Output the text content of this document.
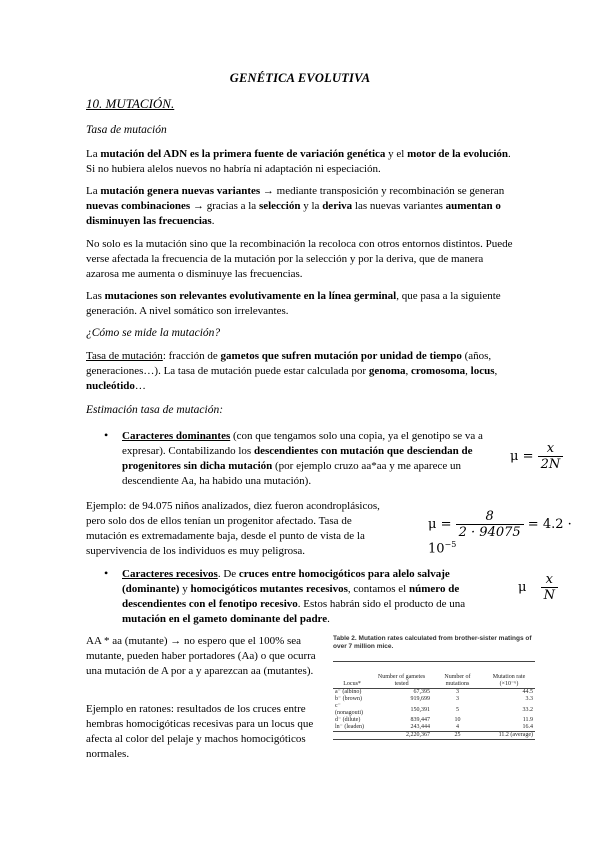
GENÉTICA EVOLUTIVA
10. MUTACIÓN.
Tasa de mutación
La mutación del ADN es la primera fuente de variación genética y el motor de la evolución. Si no hubiera alelos nuevos no habría ni adaptación ni especiación.
La mutación genera nuevas variantes → mediante transposición y recombinación se generan nuevas combinaciones → gracias a la selección y la deriva las nuevas variantes aumentan o disminuyen las frecuencias.
No solo es la mutación sino que la recombinación la recoloca con otros entornos distintos. Puede verse afectada la frecuencia de la mutación por la selección y por la deriva, que de manera azarosa me aumenta o disminuye las frecuencias.
Las mutaciones son relevantes evolutivamente en la línea germinal, que pasa a la siguiente generación. A nivel somático son irrelevantes.
¿Cómo se mide la mutación?
Tasa de mutación: fracción de gametos que sufren mutación por unidad de tiempo (años, generaciones…). La tasa de mutación puede estar calculada por genoma, cromosoma, locus, nucleótido…
Estimación tasa de mutación:
• Caracteres dominantes (con que tengamos solo una copia, ya el genotipo se va a expresar). Contabilizando los descendientes con mutación que desciendan de progenitores sin dicha mutación (por ejemplo cruzo aa*aa y me aparece un descendiente Aa, ha habido una mutación).
$\mu = \frac{x}{2N}$
Ejemplo: de 94.075 niños analizados, diez fueron acondroplásicos, pero solo dos de ellos tenían un progenitor afectado. Tasa de mutación es extremadamente baja, desde el punto de vista de la supervivencia de los individuos es muy peligrosa.
$\mu = \frac{8}{2 \cdot 94075} = 4.2 \cdot 10^{-5}$
• Caracteres recesivos. De cruces entre homocigóticos para alelo salvaje (dominante) y homocigóticos mutantes recesivos, contamos el número de descendientes con el fenotipo recesivo. Estos habrán sido el producto de una mutación en el gameto dominante del padre.
μ $\frac{x}{N}$
AA * aa (mutante) → no espero que el 100% sea mutante, pueden haber portadores (Aa) o que ocurra una mutación de A por a y aparezcan aa (mutantes).
Ejemplo en ratones: resultados de los cruces entre hembras homocigóticas recesivas para un locus que afecta al color del pelaje y machos homocigóticos normales.
Table 2. Mutation rates calculated from brother-sister matings of over 7 million mice.
Locus*	Number of gametes tested	Number of mutations	Mutation rate (×10⁻⁶)
a⁻ (albino)	67,395	3	44.5
b⁻ (brown)	919,699	3	3.3
c⁻ (nonagouti)	150,391	5	33.2
d⁻ (dilute)	839,447	10	11.9
ln⁻ (leaden)	243,444	4	16.4
	2,220,367	25	11.2 (average)
